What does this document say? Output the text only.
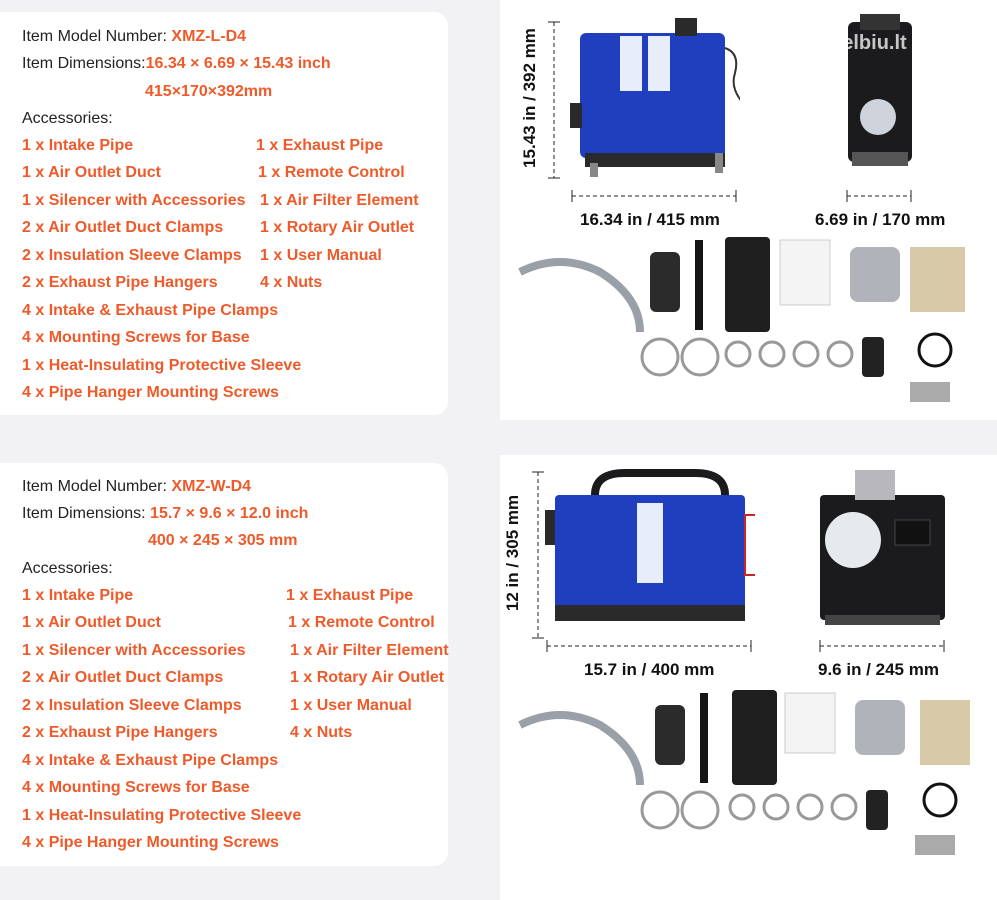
Item Model Number: XMZ-L-D4
Item Dimensions:16.34 × 6.69 × 15.43 inch
415×170×392mm
Accessories:
1 x Intake Pipe
1 x Air Outlet Duct
1 x Silencer with Accessories
2 x Air Outlet Duct Clamps
2 x Insulation Sleeve Clamps
2 x Exhaust Pipe Hangers
4 x Intake & Exhaust Pipe Clamps
4 x Mounting Screws for Base
1 x Heat-Insulating Protective Sleeve
4 x Pipe Hanger Mounting Screws
1 x Exhaust Pipe
1 x Remote Control
1 x Air Filter Element
1 x Rotary Air Outlet
1 x User Manual
4 x Nuts
skelbiu.lt
15.43 in / 392 mm
16.34 in / 415 mm	6.69 in / 170 mm
Item Model Number: XMZ-W-D4
Item Dimensions: 15.7 × 9.6 × 12.0 inch
400 × 245 × 305 mm
Accessories:
1 x Intake Pipe
1 x Air Outlet Duct
1 x Silencer with Accessories
2 x Air Outlet Duct Clamps
2 x Insulation Sleeve Clamps
2 x Exhaust Pipe Hangers
4 x Intake & Exhaust Pipe Clamps
4 x Mounting Screws for Base
1 x Heat-Insulating Protective Sleeve
4 x Pipe Hanger Mounting Screws
1 x Exhaust Pipe
1 x Remote Control
1 x Air Filter Element
1 x Rotary Air Outlet
1 x User Manual
4 x Nuts
12 in / 305 mm
15.7 in / 400 mm	9.6 in / 245 mm
